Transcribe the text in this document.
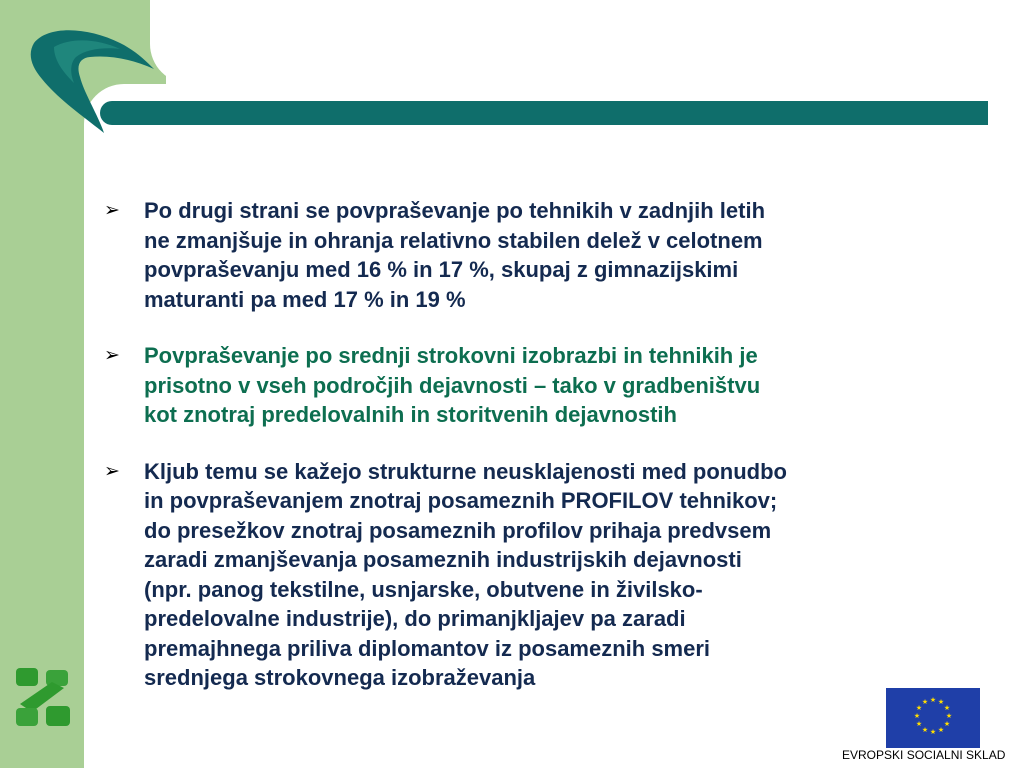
➢	Po drugi strani se povpraševanje po tehnikih v zadnjih letih
ne zmanjšuje in ohranja relativno stabilen delež v celotnem
povpraševanju med 16 % in 17 %, skupaj z gimnazijskimi
maturanti pa med 17 % in 19 %
➢	Povpraševanje po srednji strokovni izobrazbi in tehnikih je
prisotno v vseh področjih dejavnosti – tako v gradbeništvu
kot znotraj predelovalnih in storitvenih dejavnostih
➢	Kljub temu se kažejo strukturne neusklajenosti med ponudbo
in povpraševanjem znotraj posameznih PROFILOV tehnikov;
do presežkov znotraj posameznih profilov prihaja predvsem
zaradi zmanjševanja posameznih industrijskih dejavnosti
(npr. panog tekstilne, usnjarske, obutvene in živilsko-
predelovalne industrije), do primanjkljajev pa zaradi
premajhnega priliva diplomantov iz posameznih smeri
srednjega strokovnega izobraževanja
★ ★
★
★
★
★
★
★
★
★
★
★
EVROPSKI SOCIALNI SKLAD
